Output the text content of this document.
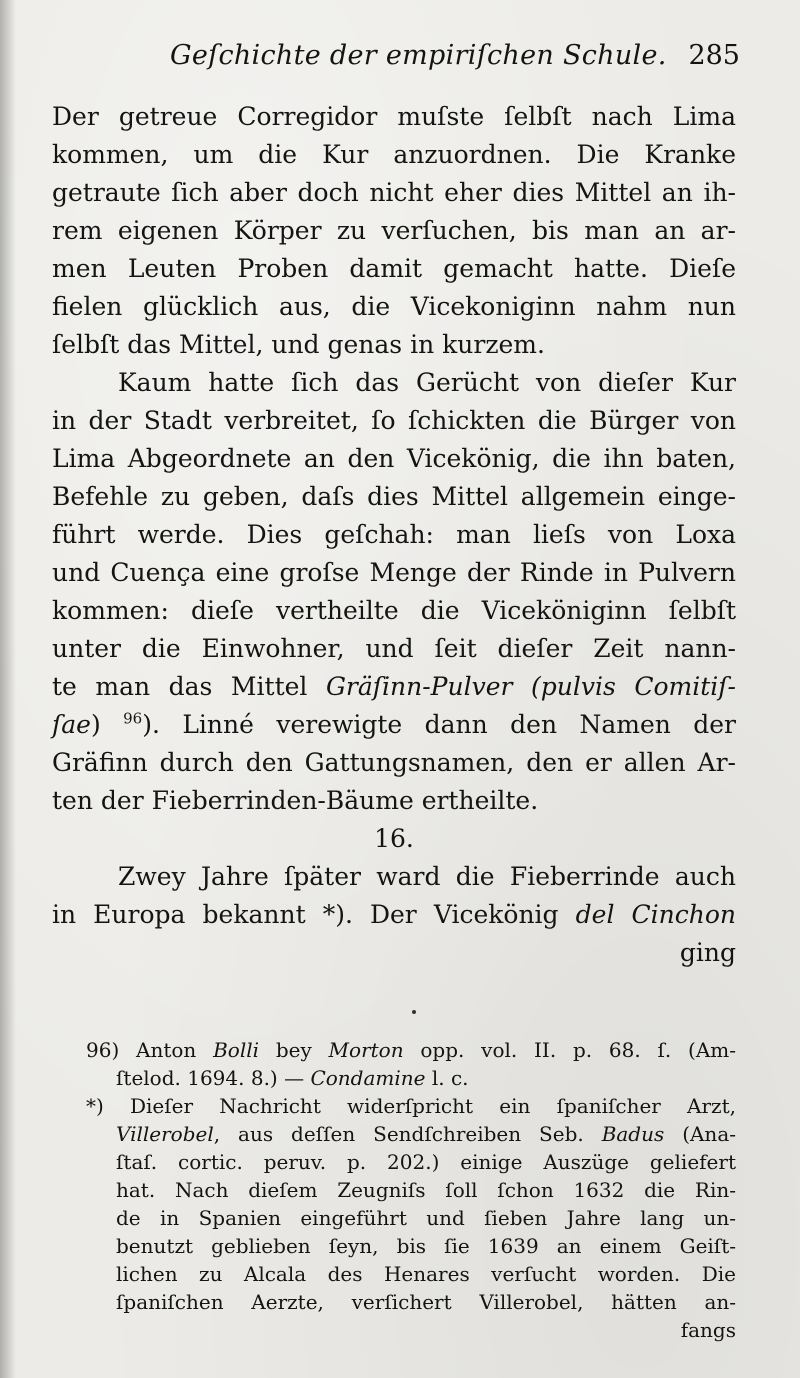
Geſchichte der empiriſchen Schule. 285
Der getreue Corregidor muſste ſelbſt nach Lima
kommen, um die Kur anzuordnen. Die Kranke
getraute ſich aber doch nicht eher dies Mittel an ih-
rem eigenen Körper zu verſuchen, bis man an ar-
men Leuten Proben damit gemacht hatte. Dieſe
fielen glücklich aus, die Vicekoniginn nahm nun
ſelbſt das Mittel, und genas in kurzem.
Kaum hatte ſich das Gerücht von dieſer Kur
in der Stadt verbreitet, ſo ſchickten die Bürger von
Lima Abgeordnete an den Vicekönig, die ihn baten,
Befehle zu geben, daſs dies Mittel allgemein einge-
führt werde. Dies geſchah: man lieſs von Loxa
und Cuença eine groſse Menge der Rinde in Pulvern
kommen: dieſe vertheilte die Viceköniginn ſelbſt
unter die Einwohner, und ſeit dieſer Zeit nann-
te man das Mittel Gräſinn-Pulver (pulvis Comitiſ-
ſae) $^{96}$). Linné verewigte dann den Namen der
Gräfinn durch den Gattungsnamen, den er allen Ar-
ten der Fieberrinden-Bäume ertheilte.
16.
Zwey Jahre ſpäter ward die Fieberrinde auch
in Europa bekannt *). Der Vicekönig del Cinchon
ging
96) Anton Bolli bey Morton opp. vol. II. p. 68. ſ. (Am-
ſtelod. 1694. 8.) — Condamine l. c.
*) Dieſer Nachricht widerſpricht ein ſpaniſcher Arzt,
Villerobel, aus deſſen Sendſchreiben Seb. Badus (Ana-
ſtaſ. cortic. peruv. p. 202.) einige Auszüge geliefert
hat. Nach dieſem Zeugniſs ſoll ſchon 1632 die Rin-
de in Spanien eingeführt und ſieben Jahre lang un-
benutzt geblieben ſeyn, bis ſie 1639 an einem Geiſt-
lichen zu Alcala des Henares verſucht worden. Die
ſpaniſchen Aerzte, verſichert Villerobel, hätten an-
fangs
